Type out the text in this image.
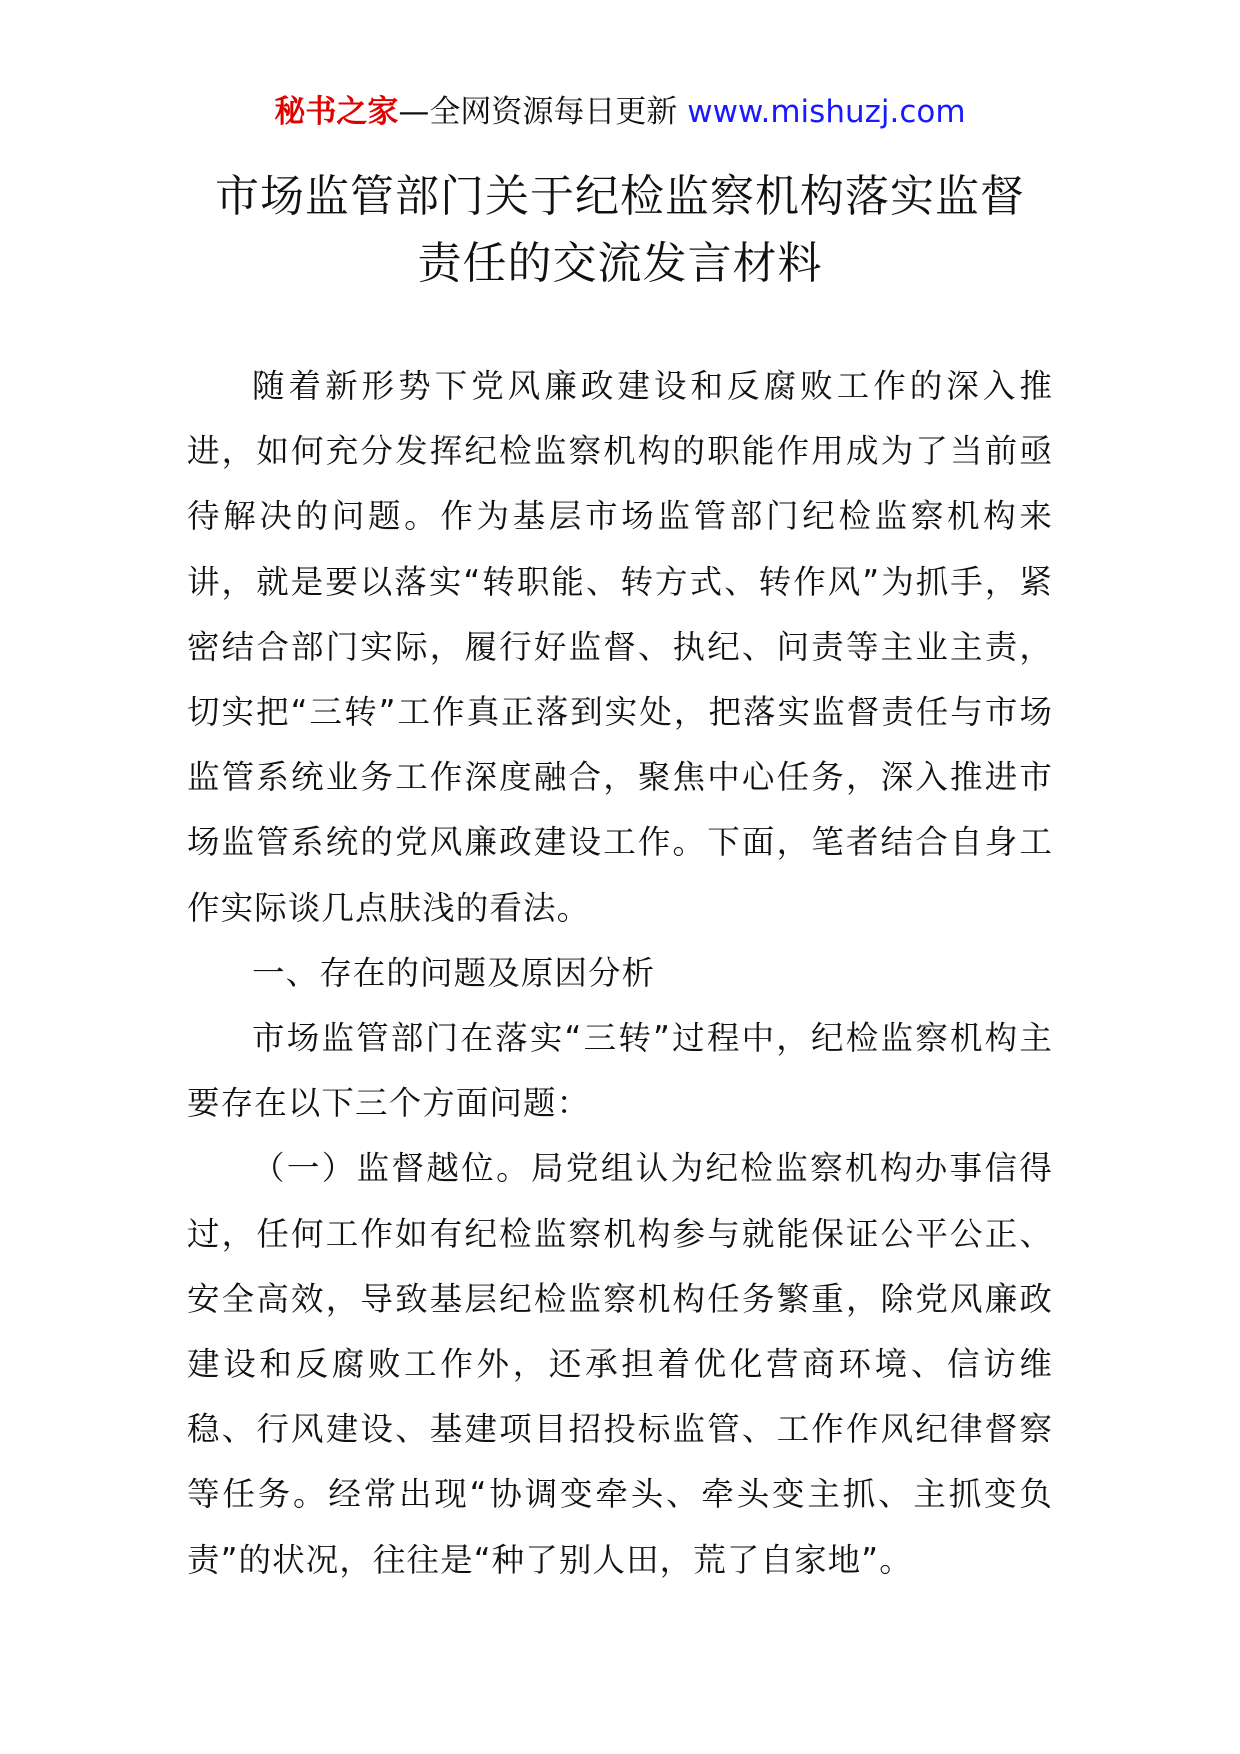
秘书之家—全网资源每日更新 www.mishuzj.com
市场监管部门关于纪检监察机构落实监督
责任的交流发言材料

随着新形势下党风廉政建设和反腐败工作的深入推进，如何充分发挥纪检监察机构的职能作用成为了当前亟待解决的问题。作为基层市场监管部门纪检监察机构来讲，就是要以落实“转职能、转方式、转作风”为抓手，紧密结合部门实际，履行好监督、执纪、问责等主业主责，切实把“三转”工作真正落到实处，把落实监督责任与市场监管系统业务工作深度融合，聚焦中心任务，深入推进市场监管系统的党风廉政建设工作。下面，笔者结合自身工作实际谈几点肤浅的看法。

一、存在的问题及原因分析

市场监管部门在落实“三转”过程中，纪检监察机构主要存在以下三个方面问题：

（一）监督越位。局党组认为纪检监察机构办事信得过，任何工作如有纪检监察机构参与就能保证公平公正、安全高效，导致基层纪检监察机构任务繁重，除党风廉政建设和反腐败工作外，还承担着优化营商环境、信访维稳、行风建设、基建项目招投标监管、工作作风纪律督察等任务。经常出现“协调变牵头、牵头变主抓、主抓变负责”的状况，往往是“种了别人田，荒了自家地”。
